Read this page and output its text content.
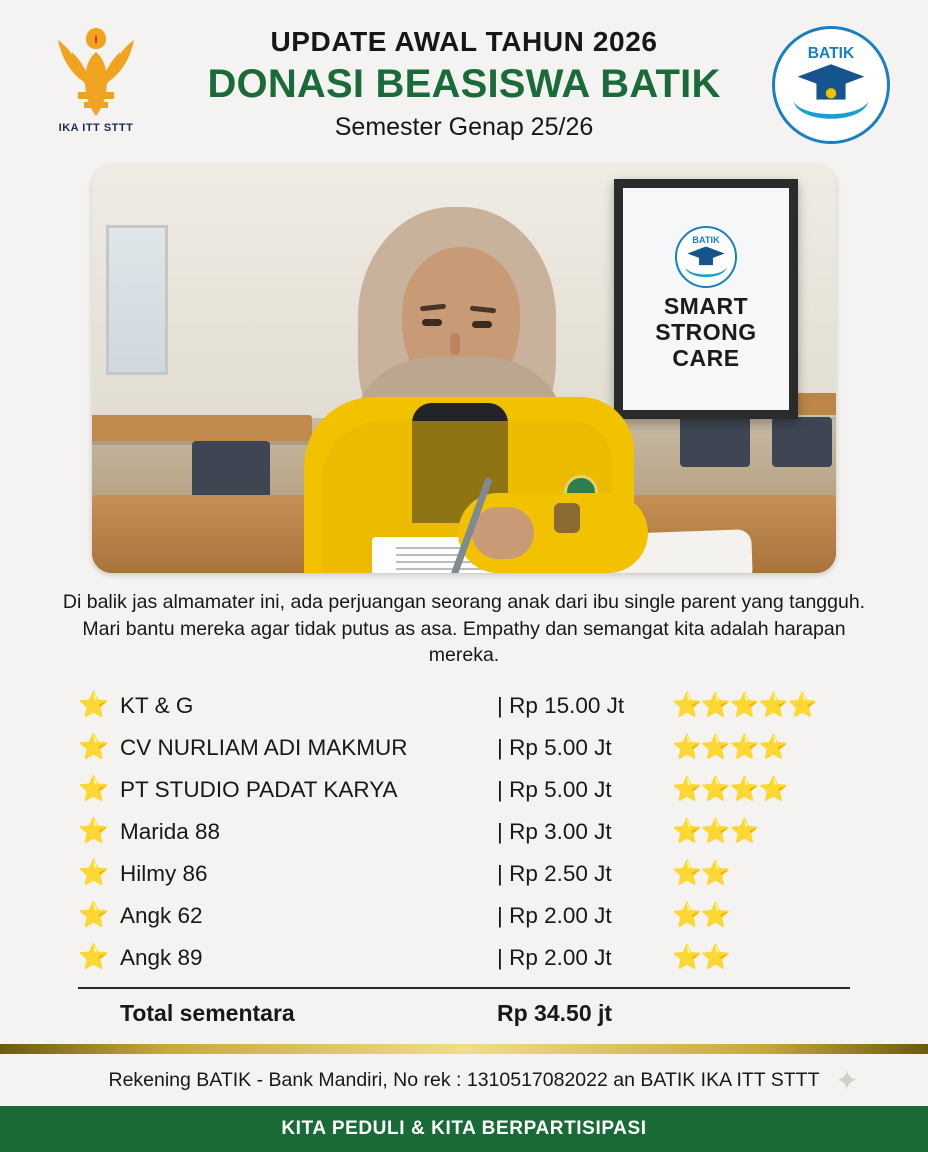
IKA ITT STTT
UPDATE AWAL TAHUN 2026
DONASI BEASISWA BATIK
Semester Genap 25/26
BATIK
BATIK
SMART
STRONG
CARE
Di balik jas almamater ini, ada perjuangan seorang anak dari ibu single parent yang tangguh. Mari bantu mereka agar tidak putus as asa. Empathy dan semangat kita adalah harapan mereka.
⭐ KT & G	| Rp 15.00 Jt	⭐⭐⭐⭐⭐
⭐ CV NURLIAM ADI MAKMUR	| Rp 5.00 Jt	⭐⭐⭐⭐
⭐ PT STUDIO PADAT KARYA	| Rp 5.00 Jt	⭐⭐⭐⭐
⭐ Marida 88	| Rp 3.00 Jt	⭐⭐⭐
⭐ Hilmy 86	| Rp 2.50 Jt	⭐⭐
⭐ Angk 62	| Rp 2.00 Jt	⭐⭐
⭐ Angk 89	| Rp 2.00 Jt	⭐⭐
Total sementara	Rp 34.50 jt
Rekening BATIK - Bank Mandiri, No rek : 1310517082022 an BATIK IKA ITT STTT ✦
KITA PEDULI & KITA BERPARTISIPASI
